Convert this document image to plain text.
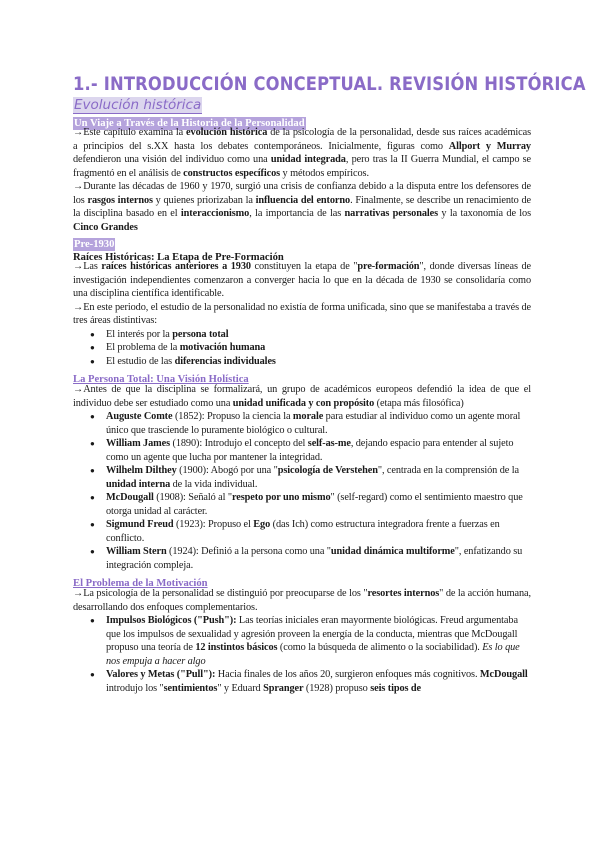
1.- INTRODUCCIÓN CONCEPTUAL. REVISIÓN HISTÓRICA
Evolución histórica
Un Viaje a Través de la Historia de la Personalidad

→Este capítulo examina la evolución histórica de la psicología de la personalidad, desde sus raíces académicas a principios del s.XX hasta los debates contemporáneos. Inicialmente, figuras como Allport y Murray defendieron una visión del individuo como una unidad integrada, pero tras la II Guerra Mundial, el campo se fragmentó en el análisis de constructos específicos y métodos empíricos.

→Durante las décadas de 1960 y 1970, surgió una crisis de confianza debido a la disputa entre los defensores de los rasgos internos y quienes priorizaban la influencia del entorno. Finalmente, se describe un renacimiento de la disciplina basado en el interaccionismo, la importancia de las narrativas personales y la taxonomía de los Cinco Grandes

Pre-1930
Raíces Históricas: La Etapa de Pre-Formación

→Las raíces históricas anteriores a 1930 constituyen la etapa de "pre-formación", donde diversas líneas de investigación independientes comenzaron a converger hacia lo que en la década de 1930 se consolidaría como una disciplina científica identificable.

→En este periodo, el estudio de la personalidad no existía de forma unificada, sino que se manifestaba a través de tres áreas distintivas:

● El interés por la persona total
● El problema de la motivación humana
● El estudio de las diferencias individuales
La Persona Total: Una Visión Holística

→Antes de que la disciplina se formalizará, un grupo de académicos europeos defendió la idea de que el individuo debe ser estudiado como una unidad unificada y con propósito (etapa más filosófica)

● Auguste Comte (1852): Propuso la ciencia la morale para estudiar al individuo como un agente moral único que trasciende lo puramente biológico o cultural.
● William James (1890): Introdujo el concepto del self-as-me, dejando espacio para entender al sujeto como un agente que lucha por mantener la integridad.
● Wilhelm Dilthey (1900): Abogó por una "psicología de Verstehen", centrada en la comprensión de la unidad interna de la vida individual.
● McDougall (1908): Señaló al "respeto por uno mismo" (self-regard) como el sentimiento maestro que otorga unidad al carácter.
● Sigmund Freud (1923): Propuso el Ego (das Ich) como estructura integradora frente a fuerzas en conflicto.
● William Stern (1924): Definió a la persona como una "unidad dinámica multiforme", enfatizando su integración compleja.
El Problema de la Motivación

→La psicología de la personalidad se distinguió por preocuparse de los "resortes internos" de la acción humana, desarrollando dos enfoques complementarios.

● Impulsos Biológicos ("Push"): Las teorías iniciales eran mayormente biológicas. Freud argumentaba que los impulsos de sexualidad y agresión proveen la energía de la conducta, mientras que McDougall propuso una teoría de 12 instintos básicos (como la búsqueda de alimento o la sociabilidad). Es lo que nos empuja a hacer algo
● Valores y Metas ("Pull"): Hacia finales de los años 20, surgieron enfoques más cognitivos. McDougall introdujo los "sentimientos" y Eduard Spranger (1928) propuso seis tipos de
